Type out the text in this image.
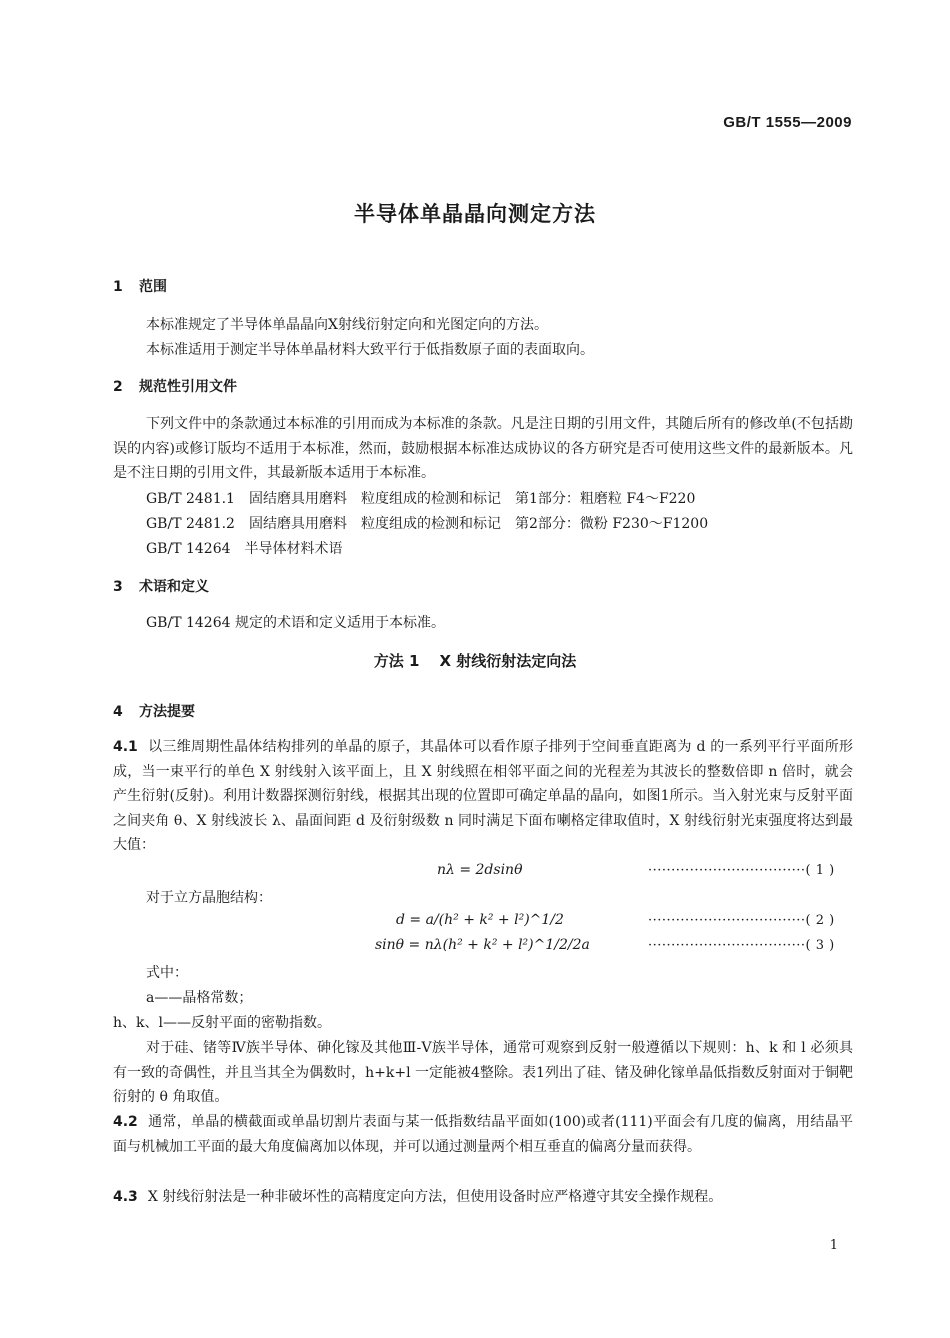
GB/T 1555—2009
半导体单晶晶向测定方法
1 范围
本标准规定了半导体单晶晶向X射线衍射定向和光图定向的方法。
本标准适用于测定半导体单晶材料大致平行于低指数原子面的表面取向。
2 规范性引用文件
下列文件中的条款通过本标准的引用而成为本标准的条款。凡是注日期的引用文件，其随后所有的修改单(不包括勘误的内容)或修订版均不适用于本标准，然而，鼓励根据本标准达成协议的各方研究是否可使用这些文件的最新版本。凡是不注日期的引用文件，其最新版本适用于本标准。
GB/T 2481.1　固结磨具用磨料　粒度组成的检测和标记　第1部分：粗磨粒 F4～F220
GB/T 2481.2　固结磨具用磨料　粒度组成的检测和标记　第2部分：微粉 F230～F1200
GB/T 14264　半导体材料术语
3 术语和定义
GB/T 14264 规定的术语和定义适用于本标准。
方法 1 X 射线衍射法定向法
4 方法提要
4.1 以三维周期性晶体结构排列的单晶的原子，其晶体可以看作原子排列于空间垂直距离为 d 的一系列平行平面所形成，当一束平行的单色 X 射线射入该平面上，且 X 射线照在相邻平面之间的光程差为其波长的整数倍即 n 倍时，就会产生衍射(反射)。利用计数器探测衍射线，根据其出现的位置即可确定单晶的晶向，如图1所示。当入射光束与反射平面之间夹角 θ、X 射线波长 λ、晶面间距 d 及衍射级数 n 同时满足下面布喇格定律取值时，X 射线衍射光束强度将达到最大值：
nλ = 2dsinθ	··································( 1 )
对于立方晶胞结构：
d = a/(h² + k² + l²)^1/2	··································( 2 )
sinθ = nλ(h² + k² + l²)^1/2/2a	··································( 3 )
式中：
a——晶格常数；
h、k、l——反射平面的密勒指数。
对于硅、锗等Ⅳ族半导体、砷化镓及其他Ⅲ-Ⅴ族半导体，通常可观察到反射一般遵循以下规则：h、k 和 l 必须具有一致的奇偶性，并且当其全为偶数时，h+k+l 一定能被4整除。表1列出了硅、锗及砷化镓单晶低指数反射面对于铜靶衍射的 θ 角取值。
4.2 通常，单晶的横截面或单晶切割片表面与某一低指数结晶平面如(100)或者(111)平面会有几度的偏离，用结晶平面与机械加工平面的最大角度偏离加以体现，并可以通过测量两个相互垂直的偏离分量而获得。
4.3 X 射线衍射法是一种非破坏性的高精度定向方法，但使用设备时应严格遵守其安全操作规程。
1
